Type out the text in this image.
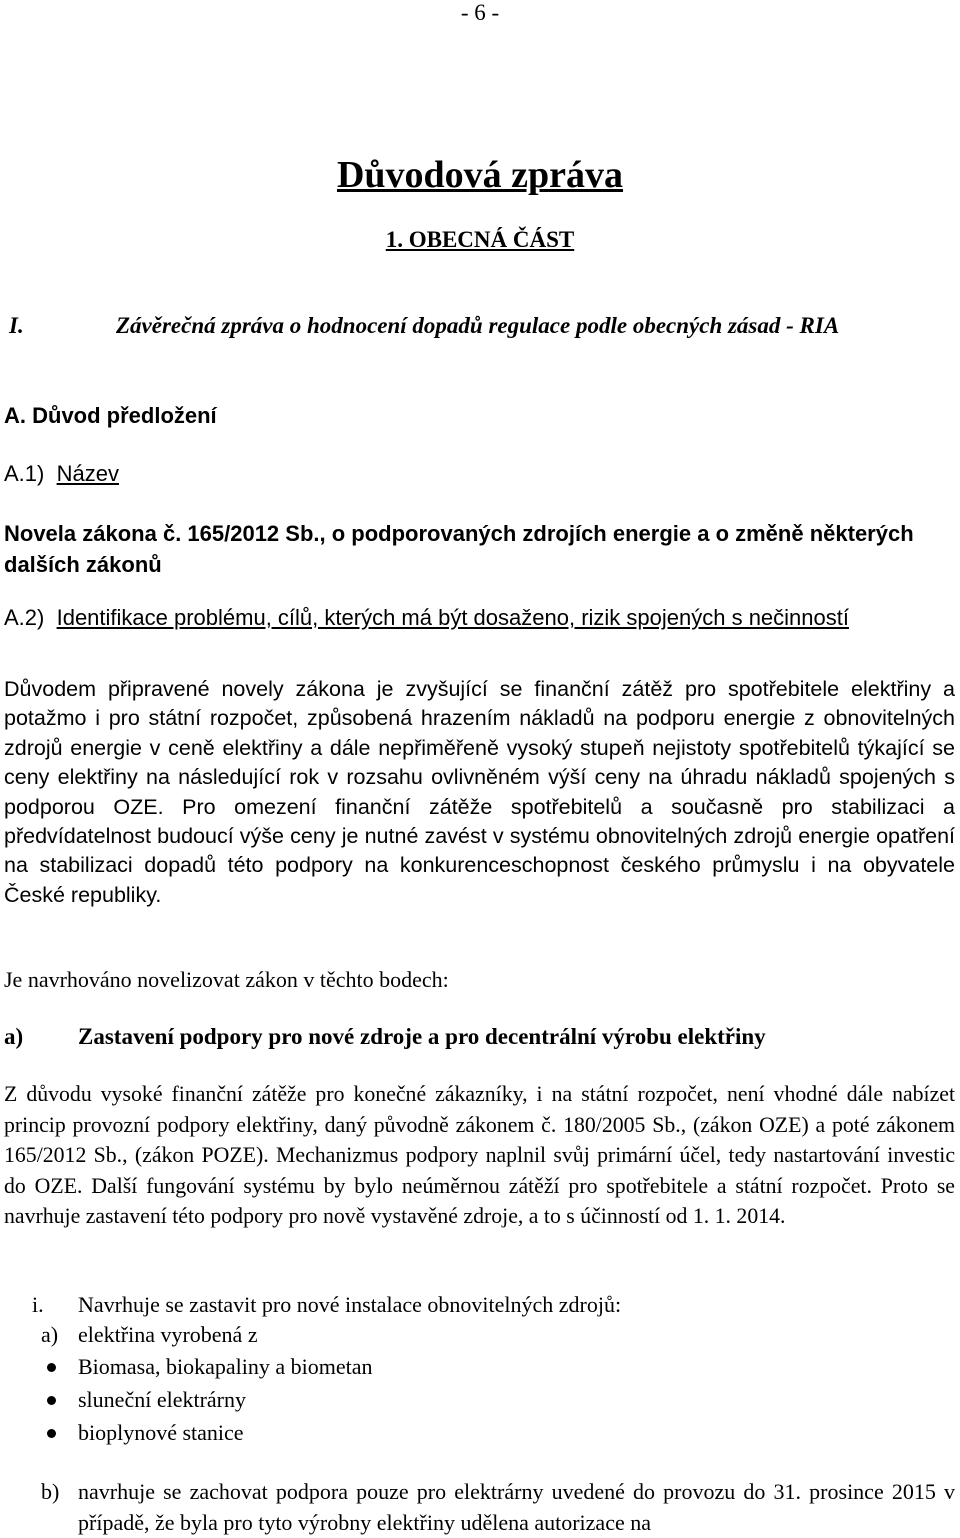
- 6 -
Důvodová zpráva
1. OBECNÁ ČÁST
I.	Závěrečná zpráva o hodnocení dopadů regulace podle obecných zásad - RIA
A. Důvod předložení
A.1) Název
Novela zákona č. 165/2012 Sb., o podporovaných zdrojích energie a o změně některých dalších zákonů
A.2) Identifikace problému, cílů, kterých má být dosaženo, rizik spojených s nečinností

Důvodem připravené novely zákona je zvyšující se finanční zátěž pro spotřebitele elektřiny a potažmo i pro státní rozpočet, způsobená hrazením nákladů na podporu energie z obnovitelných zdrojů energie v ceně elektřiny a dále nepřiměřeně vysoký stupeň nejistoty spotřebitelů týkající se ceny elektřiny na následující rok v rozsahu ovlivněném výší ceny na úhradu nákladů spojených s podporou OZE. Pro omezení finanční zátěže spotřebitelů a současně pro stabilizaci a předvídatelnost budoucí výše ceny je nutné zavést v systému obnovitelných zdrojů energie opatření na stabilizaci dopadů této podpory na konkurenceschopnost českého průmyslu i na obyvatele České republiky.

Je navrhováno novelizovat zákon v těchto bodech:
a) Zastavení podpory pro nové zdroje a pro decentrální výrobu elektřiny

Z důvodu vysoké finanční zátěže pro konečné zákazníky, i na státní rozpočet, není vhodné dále nabízet princip provozní podpory elektřiny, daný původně zákonem č. 180/2005 Sb., (zákon OZE) a poté zákonem 165/2012 Sb., (zákon POZE). Mechanizmus podpory naplnil svůj primární účel, tedy nastartování investic do OZE. Další fungování systému by bylo neúměrnou zátěží pro spotřebitele a státní rozpočet. Proto se navrhuje zastavení této podpory pro nově vystavěné zdroje, a to s účinností od 1. 1. 2014.

i. Navrhuje se zastavit pro nové instalace obnovitelných zdrojů:
a) elektřina vyrobená z
Biomasa, biokapaliny a biometan
sluneční elektrárny
bioplynové stanice
b) navrhuje se zachovat podpora pouze pro elektrárny uvedené do provozu do 31. prosince 2015 v případě, že byla pro tyto výrobny elektřiny udělena autorizace na
